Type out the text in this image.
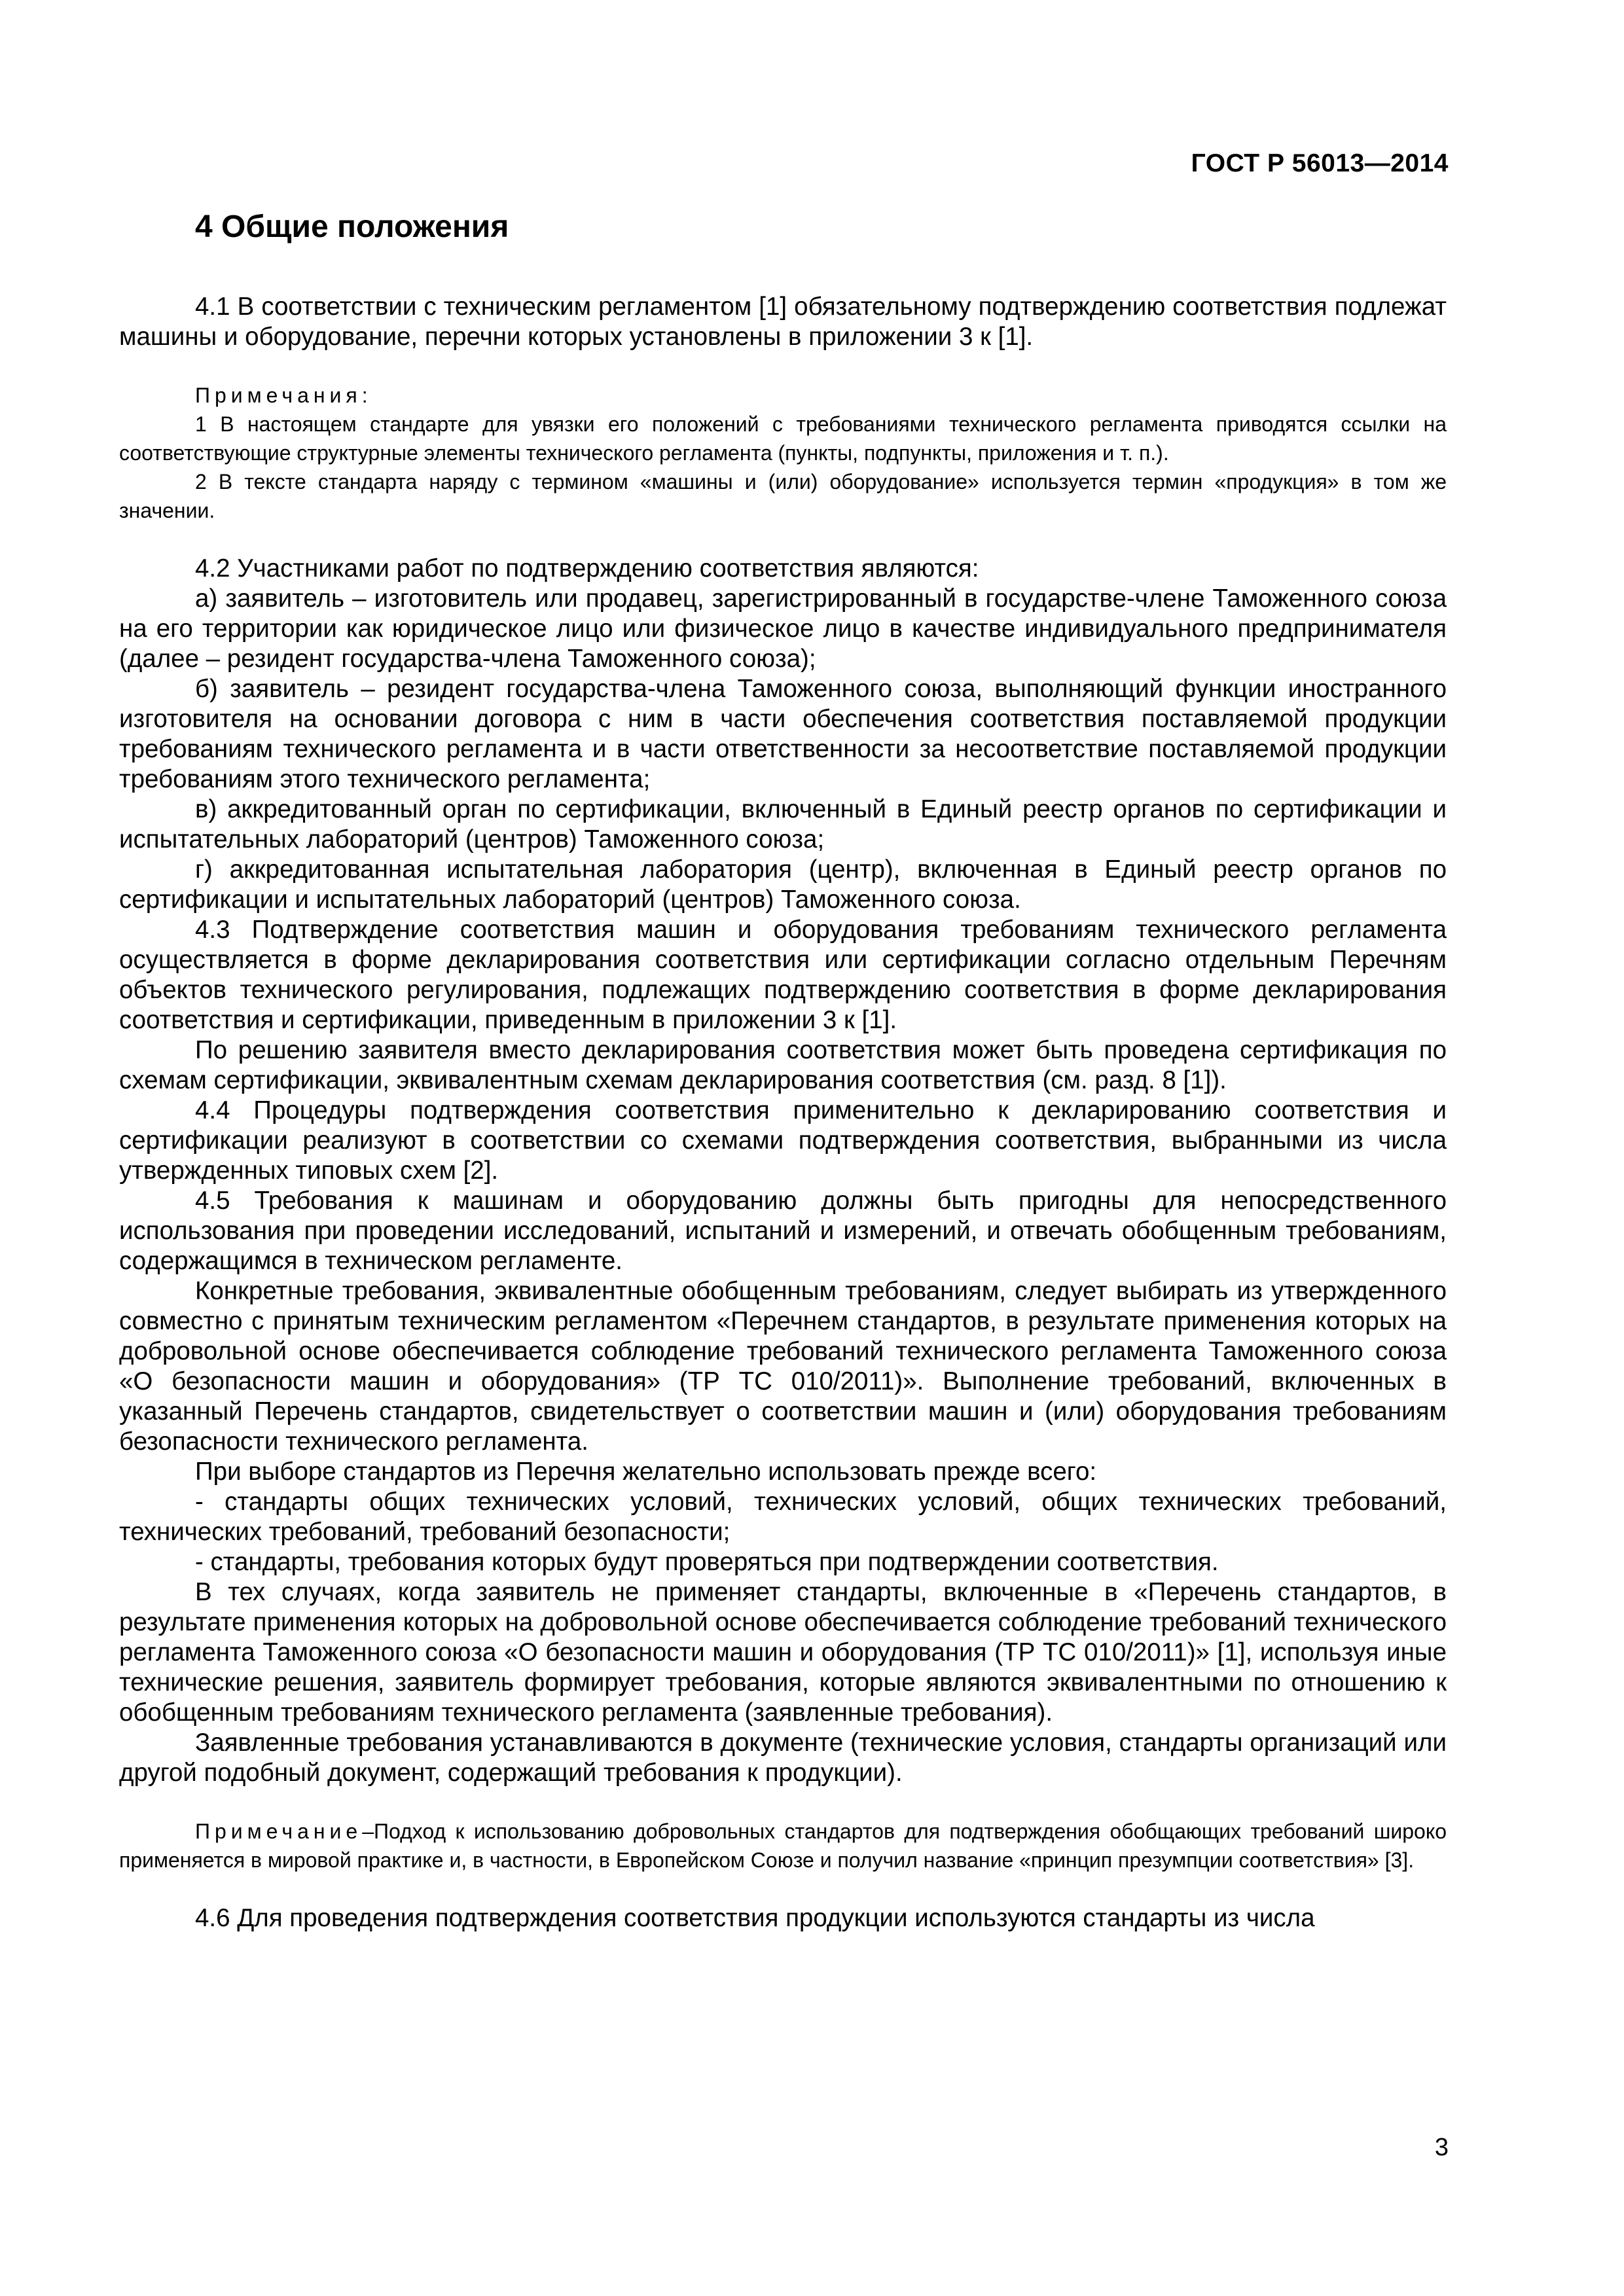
ГОСТ Р 56013—2014
4 Общие положения

4.1 В соответствии с техническим регламентом [1] обязательному подтверждению соответствия подлежат машины и оборудование, перечни которых установлены в приложении 3 к [1].

Примечания:

1 В настоящем стандарте для увязки его положений с требованиями технического регламента приводятся ссылки на соответствующие структурные элементы технического регламента (пункты, подпункты, приложения и т. п.).

2 В тексте стандарта наряду с термином «машины и (или) оборудование» используется термин «продукция» в том же значении.

4.2 Участниками работ по подтверждению соответствия являются:

а) заявитель – изготовитель или продавец, зарегистрированный в государстве-члене Таможенного союза на его территории как юридическое лицо или физическое лицо в качестве индивидуального предпринимателя (далее – резидент государства-члена Таможенного союза);

б) заявитель – резидент государства-члена Таможенного союза, выполняющий функции иностранного изготовителя на основании договора с ним в части обеспечения соответствия поставляемой продукции требованиям технического регламента и в части ответственности за несоответствие поставляемой продукции требованиям этого технического регламента;

в) аккредитованный орган по сертификации, включенный в Единый реестр органов по сертификации и испытательных лабораторий (центров) Таможенного союза;

г) аккредитованная испытательная лаборатория (центр), включенная в Единый реестр органов по сертификации и испытательных лабораторий (центров) Таможенного союза.

4.3 Подтверждение соответствия машин и оборудования требованиям технического регламента осуществляется в форме декларирования соответствия или сертификации согласно отдельным Перечням объектов технического регулирования, подлежащих подтверждению соответствия в форме декларирования соответствия и сертификации, приведенным в приложении 3 к [1].

По решению заявителя вместо декларирования соответствия может быть проведена сертификация по схемам сертификации, эквивалентным схемам декларирования соответствия (см. разд. 8 [1]).

4.4 Процедуры подтверждения соответствия применительно к декларированию соответствия и сертификации реализуют в соответствии со схемами подтверждения соответствия, выбранными из числа утвержденных типовых схем [2].

4.5 Требования к машинам и оборудованию должны быть пригодны для непосредственного использования при проведении исследований, испытаний и измерений, и отвечать обобщенным требованиям, содержащимся в техническом регламенте.

Конкретные требования, эквивалентные обобщенным требованиям, следует выбирать из утвержденного совместно с принятым техническим регламентом «Перечнем стандартов, в результате применения которых на добровольной основе обеспечивается соблюдение требований технического регламента Таможенного союза «О безопасности машин и оборудования» (ТР ТС 010/2011)». Выполнение требований, включенных в указанный Перечень стандартов, свидетельствует о соответствии машин и (или) оборудования требованиям безопасности технического регламента.

При выборе стандартов из Перечня желательно использовать прежде всего:

- стандарты общих технических условий, технических условий, общих технических требований, технических требований, требований безопасности;

- стандарты, требования которых будут проверяться при подтверждении соответствия.

В тех случаях, когда заявитель не применяет стандарты, включенные в «Перечень стандартов, в результате применения которых на добровольной основе обеспечивается соблюдение требований технического регламента Таможенного союза «О безопасности машин и оборудования (ТР ТС 010/2011)» [1], используя иные технические решения, заявитель формирует требования, которые являются эквивалентными по отношению к обобщенным требованиям технического регламента (заявленные требования).

Заявленные требования устанавливаются в документе (технические условия, стандарты организаций или другой подобный документ, содержащий требования к продукции).

Примечание–Подход к использованию добровольных стандартов для подтверждения обобщающих требований широко применяется в мировой практике и, в частности, в Европейском Союзе и получил название «принцип презумпции соответствия» [3].

4.6 Для проведения подтверждения соответствия продукции используются стандарты из числа

3
